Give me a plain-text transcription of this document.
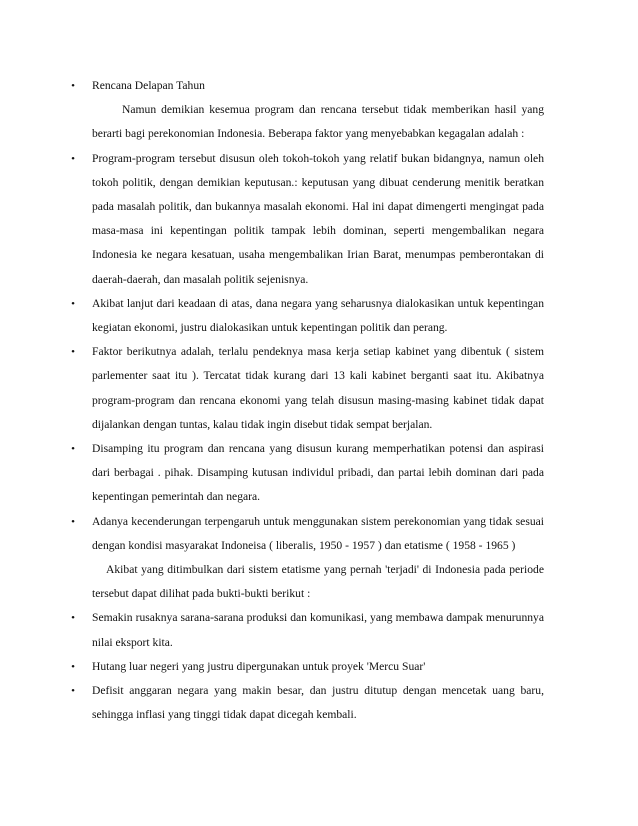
• Rencana Delapan Tahun
Namun demikian kesemua program dan rencana tersebut tidak memberikan hasil yang berarti bagi perekonomian Indonesia. Beberapa faktor yang menyebabkan kegagalan adalah :
• Program-program tersebut disusun oleh tokoh-tokoh yang relatif bukan bidangnya, namun oleh tokoh politik, dengan demikian keputusan.: keputusan yang dibuat cenderung menitik beratkan pada masalah politik, dan bukannya masalah ekonomi. Hal ini dapat dimengerti mengingat pada masa-masa ini kepentingan politik tampak lebih dominan, seperti mengembalikan negara Indonesia ke negara kesatuan, usaha mengembalikan Irian Barat, menumpas pemberontakan di daerah-daerah, dan masalah politik sejenisnya.
• Akibat lanjut dari keadaan di atas, dana negara yang seharusnya dialokasikan untuk kepentingan kegiatan ekonomi, justru dialokasikan untuk kepentingan politik dan perang.
• Faktor berikutnya adalah, terlalu pendeknya masa kerja setiap kabinet yang dibentuk ( sistem parlementer saat itu ). Tercatat tidak kurang dari 13 kali kabinet berganti saat itu. Akibatnya program-program dan rencana ekonomi yang telah disusun masing-masing kabinet tidak dapat dijalankan dengan tuntas, kalau tidak ingin disebut tidak sempat berjalan.
• Disamping itu program dan rencana yang disusun kurang memperhatikan potensi dan aspirasi dari berbagai . pihak. Disamping kutusan individul pribadi, dan partai lebih dominan dari pada kepentingan pemerintah dan negara.
• Adanya kecenderungan terpengaruh untuk menggunakan sistem perekonomian yang tidak sesuai dengan kondisi masyarakat Indoneisa ( liberalis, 1950 - 1957 ) dan etatisme ( 1958 - 1965 )
Akibat yang ditimbulkan dari sistem etatisme yang pernah 'terjadi' di Indonesia pada periode tersebut dapat dilihat pada bukti-bukti berikut :
• Semakin rusaknya sarana-sarana produksi dan komunikasi, yang membawa dampak menurunnya nilai eksport kita.
• Hutang luar negeri yang justru dipergunakan untuk proyek 'Mercu Suar'
• Defisit anggaran negara yang makin besar, dan justru ditutup dengan mencetak uang baru, sehingga inflasi yang tinggi tidak dapat dicegah kembali.
